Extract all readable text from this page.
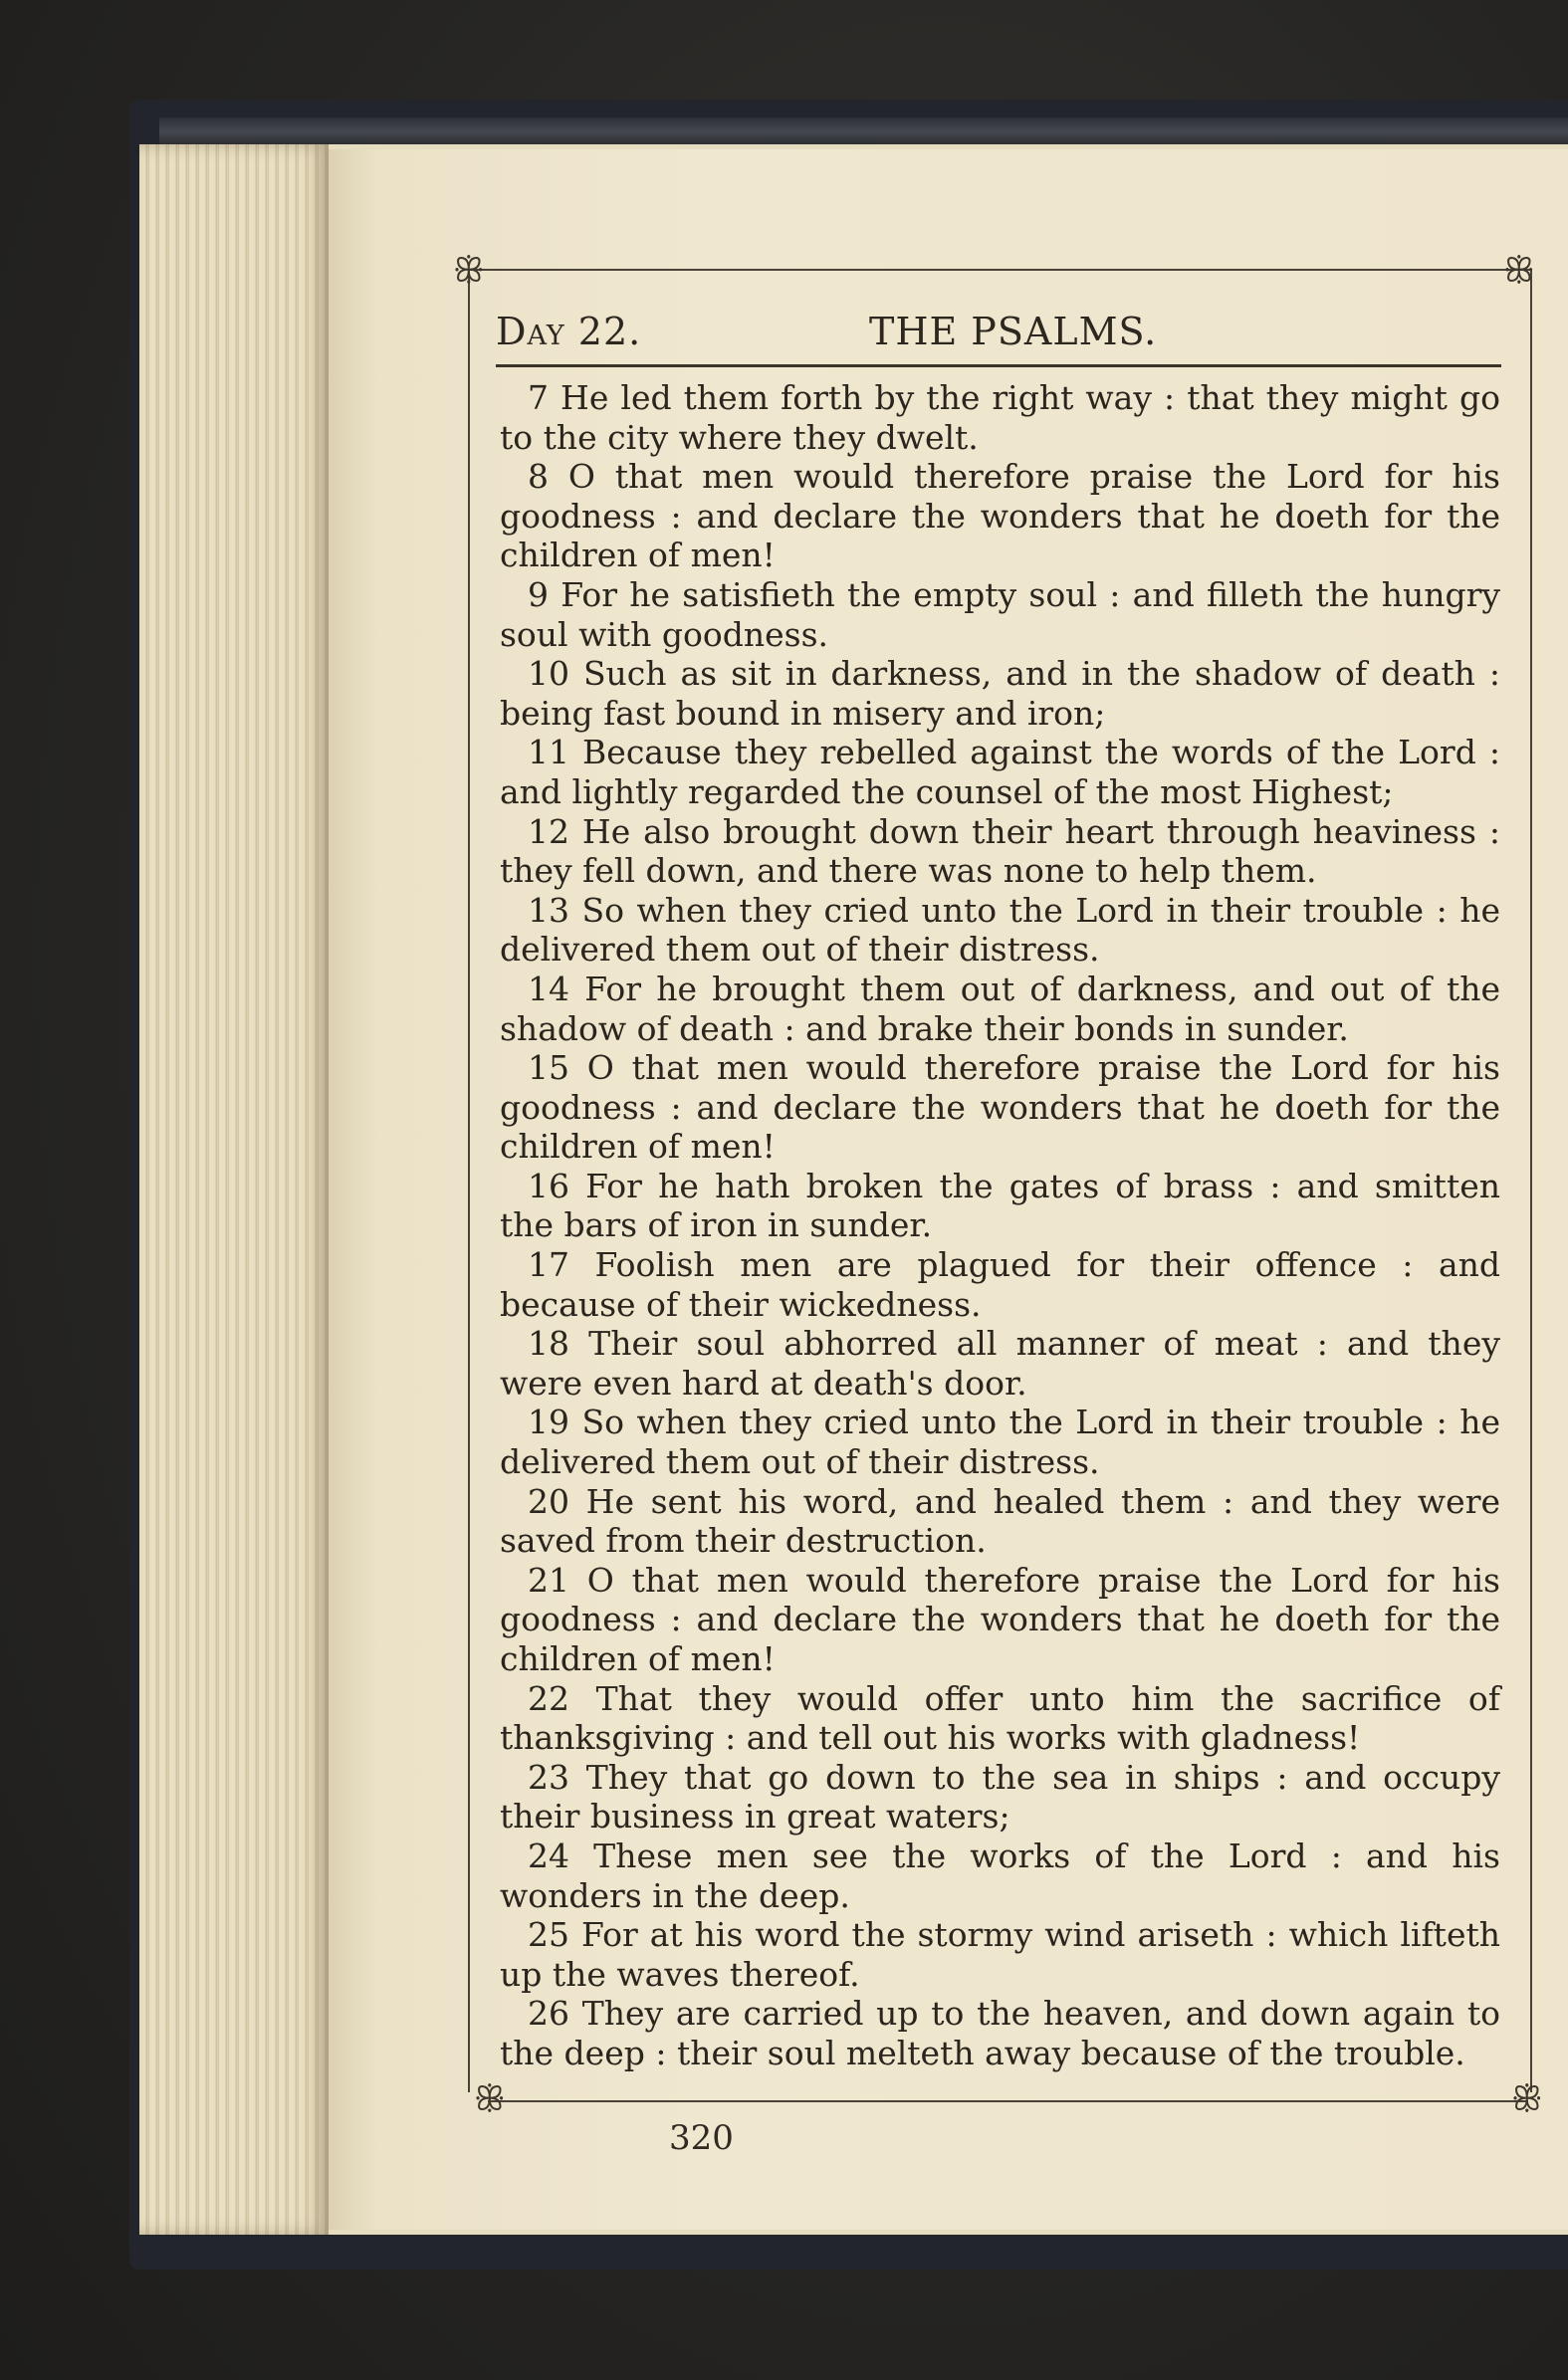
ꕥ	ꕥ
ꕥ	ꕥ
Day 22.	THE PSALMS.

7 He led them forth by the right way : that they might go to the city where they dwelt.

8 O that men would therefore praise the Lord for his goodness : and declare the wonders that he doeth for the children of men!

9 For he satisfieth the empty soul : and filleth the hungry soul with goodness.

10 Such as sit in darkness, and in the shadow of death : being fast bound in misery and iron;

11 Because they rebelled against the words of the Lord : and lightly regarded the counsel of the most Highest;

12 He also brought down their heart through heaviness : they fell down, and there was none to help them.

13 So when they cried unto the Lord in their trouble : he delivered them out of their distress.

14 For he brought them out of darkness, and out of the shadow of death : and brake their bonds in sunder.

15 O that men would therefore praise the Lord for his goodness : and declare the wonders that he doeth for the children of men!

16 For he hath broken the gates of brass : and smitten the bars of iron in sunder.

17 Foolish men are plagued for their offence : and because of their wickedness.

18 Their soul abhorred all manner of meat : and they were even hard at death's door.

19 So when they cried unto the Lord in their trouble : he delivered them out of their distress.

20 He sent his word, and healed them : and they were saved from their destruction.

21 O that men would therefore praise the Lord for his goodness : and declare the wonders that he doeth for the children of men!

22 That they would offer unto him the sacrifice of thanksgiving : and tell out his works with gladness!

23 They that go down to the sea in ships : and occupy their business in great waters;

24 These men see the works of the Lord : and his wonders in the deep.

25 For at his word the stormy wind ariseth : which lifteth up the waves thereof.

26 They are carried up to the heaven, and down again to the deep : their soul melteth away because of the trouble.

320
